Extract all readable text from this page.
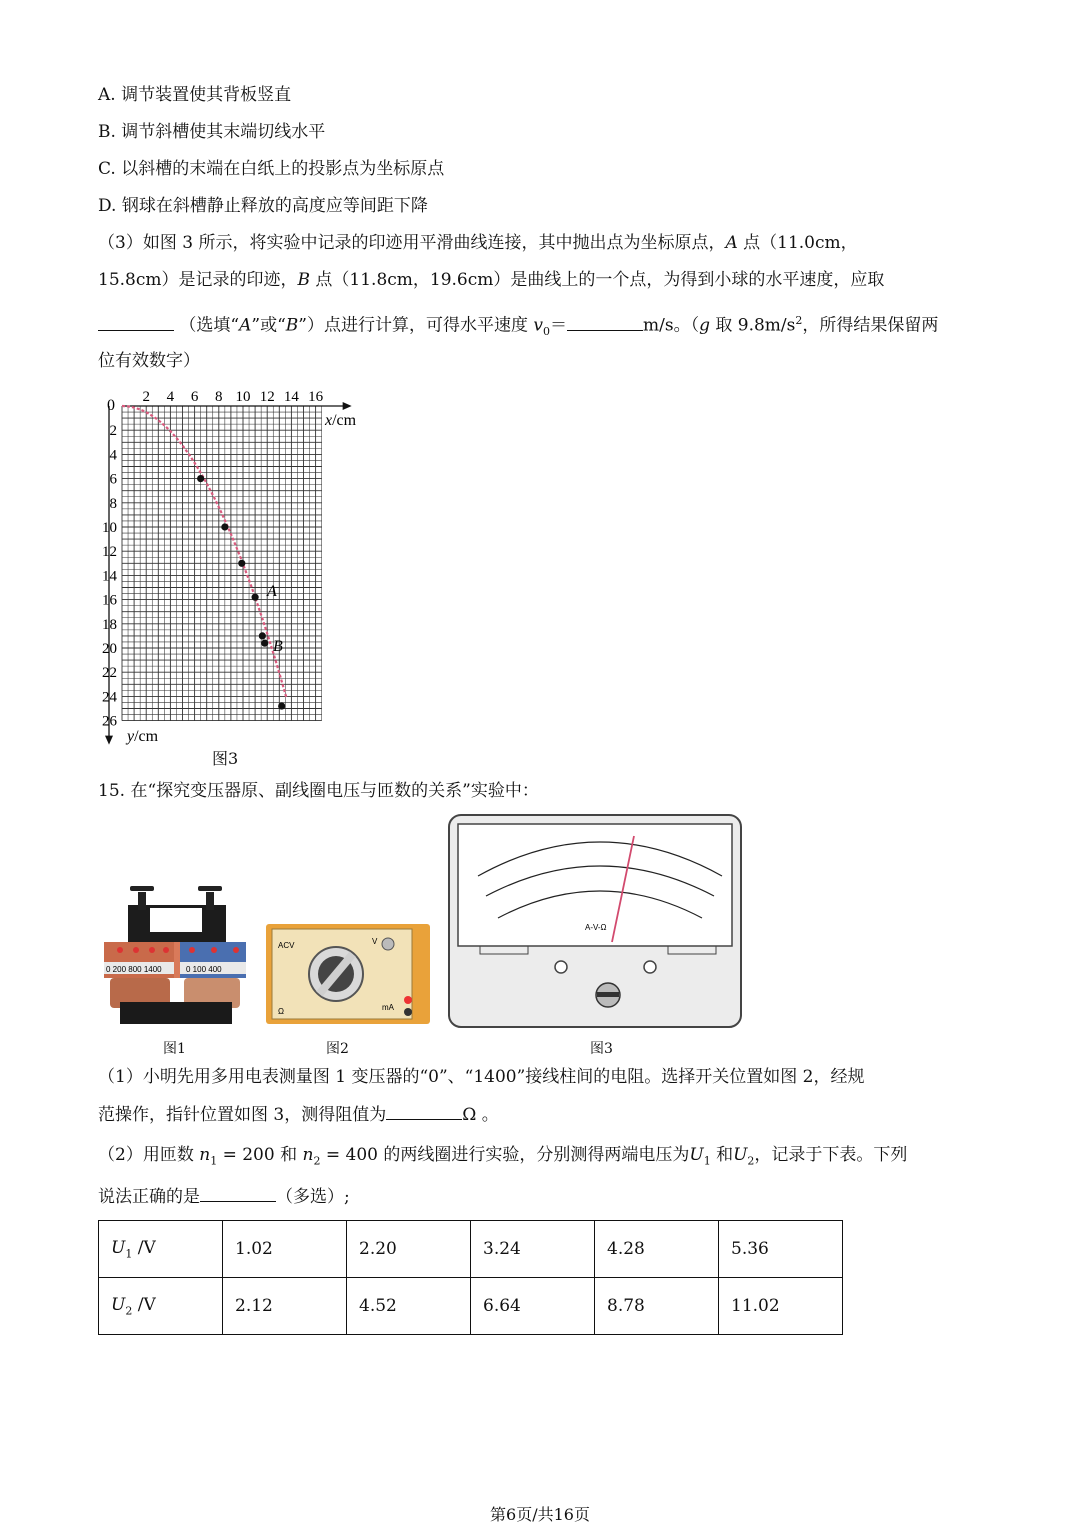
A. 调节装置使其背板竖直
B. 调节斜槽使其末端切线水平
C. 以斜槽的末端在白纸上的投影点为坐标原点
D. 钢球在斜槽静止释放的高度应等间距下降
（3）如图 3 所示，将实验中记录的印迹用平滑曲线连接，其中抛出点为坐标原点，A 点（11.0cm，
15.8cm）是记录的印迹，B 点（11.8cm，19.6cm）是曲线上的一个点，为得到小球的水平速度，应取
（选填“A”或“B”）点进行计算，可得水平速度 $v_0=$	m/s。（g 取 $9.8m/s^2$，所得结果保留两
位有效数字）
0 2 4 6 8 10 12 14 16
2
4
6
8
10
12
14
16
18
20
22
24
26
x/cm
y/cm
A
B
图3
15. 在“探究变压器原、副线圈电压与匝数的关系”实验中：
0 200 800 1400	0 100 400
图1
ACV	V
mA
Ω
图2
A-V-Ω
图3
（1）小明先用多用电表测量图 1 变压器的“0”、“1400”接线柱间的电阻。选择开关位置如图 2，经规
范操作，指针位置如图 3，测得阻值为	Ω 。
（2）用匝数 $n_1 = 200$ 和 $n_2 = 400$ 的两线圈进行实验，分别测得两端电压为$U_1$ 和$U_2$，记录于下表。下列
说法正确的是	（多选）;
$U_1$ /V	1.02	2.20	3.24	4.28	5.36
$U_2$ /V	2.12	4.52	6.64	8.78	11.02
第6页/共16页
